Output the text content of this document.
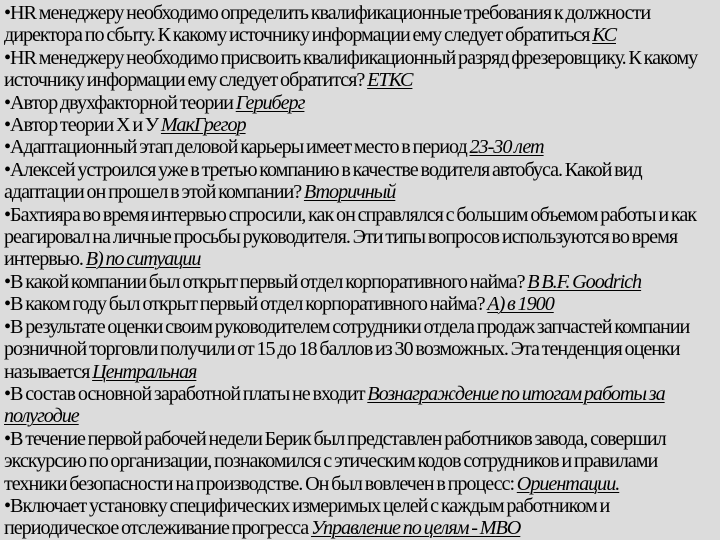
•HR менеджеру необходимо определить квалификационные требования к должности директора по сбыту. К какому источнику информации ему следует обратиться КС

•HR менеджеру необходимо присвоить квалификационный разряд фрезеровщику. К какому источнику информации ему следует обратится? ЕТКС

•Автор двухфакторной теории Гериберг

•Автор теории Х и У МакГрегор

•Адаптационный этап деловой карьеры имеет место в период 23-30 лет

•Алексей устроился уже в третью компанию в качестве водителя автобуса. Какой вид адаптации он прошел в этой компании? Вторичный

•Бахтияра во время интервью спросили, как он справлялся с большим объемом работы и как реагировал на личные просьбы руководителя. Эти типы вопросов используются во время интервью. B) по ситуации

•В какой компании был открыт первый отдел корпоративного найма? B B.F. Goodrich

•В каком году был открыт первый отдел корпоративного найма? A) в 1900

•В результате оценки своим руководителем сотрудники отдела продаж запчастей компании розничной торговли получили от 15 до 18 баллов из 30 возможных. Эта тенденция оценки называется Центральная

•В состав основной заработной платы не входит Вознаграждение по итогам работы за полугодие

•В течение первой рабочей недели Берик был представлен работников завода, совершил экскурсию по организации, познакомился с этическим кодов сотрудников и правилами техники безопасности на производстве. Он был вовлечен в процесс: Ориентации.

•Включает установку специфических измеримых целей с каждым работником и периодическое отслеживание прогресса Управление по целям - MBO
